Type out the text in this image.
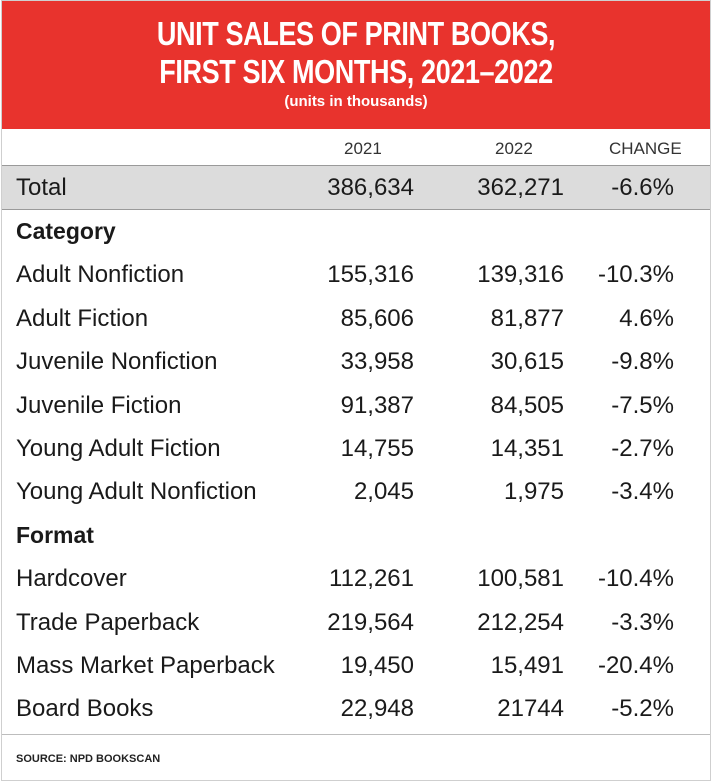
UNIT SALES OF PRINT BOOKS,
FIRST SIX MONTHS, 2021–2022
(units in thousands)
2021	2022	CHANGE
Total	386,634	362,271 -6.6%
Category
Adult Nonfiction	155,316	139,316 -10.3%
Adult Fiction	85,606	81,877 4.6%
Juvenile Nonfiction	33,958	30,615 -9.8%
Juvenile Fiction	91,387	84,505 -7.5%
Young Adult Fiction	14,755	14,351 -2.7%
Young Adult Nonfiction	2,045	1,975 -3.4%
Format
Hardcover	112,261	100,581 -10.4%
Trade Paperback	219,564	212,254 -3.3%
Mass Market Paperback	19,450	15,491 -20.4%
Board Books	22,948	21744 -5.2%
SOURCE: NPD BOOKSCAN
